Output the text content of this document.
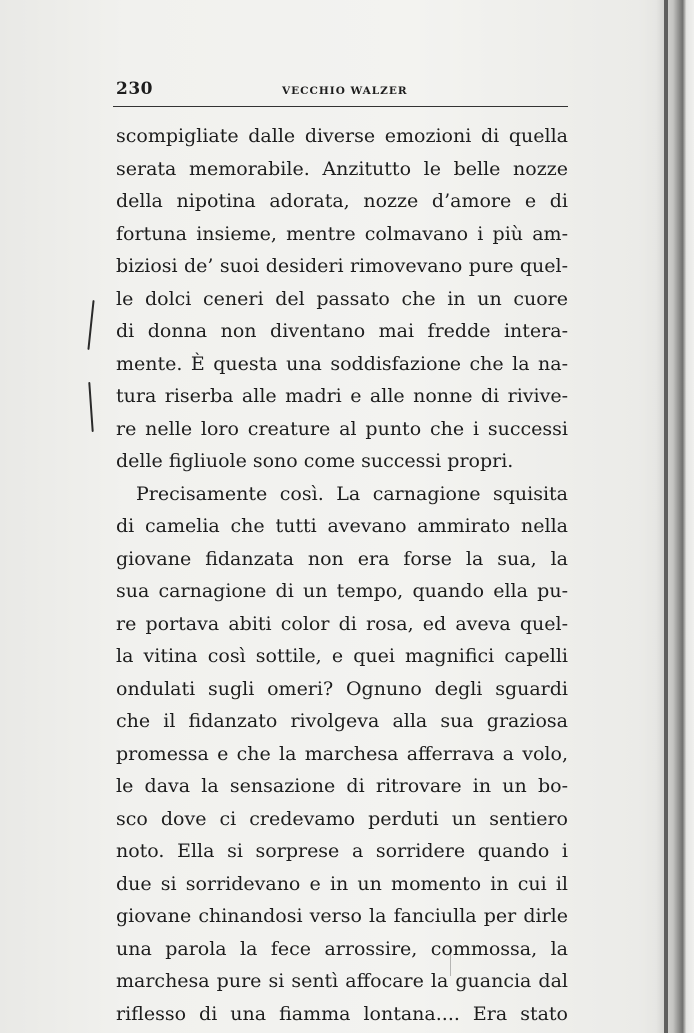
230	VECCHIO WALZER
scompigliate dalle diverse emozioni di quella
serata memorabile. Anzitutto le belle nozze
della nipotina adorata, nozze d’amore e di
fortuna insieme, mentre colmavano i più am-
biziosi de’ suoi desideri rimovevano pure quel-
le dolci ceneri del passato che in un cuore
di donna non diventano mai fredde intera-
mente. È questa una soddisfazione che la na-
tura riserba alle madri e alle nonne di rivive-
re nelle loro creature al punto che i successi
delle figliuole sono come successi propri.
Precisamente così. La carnagione squisita
di camelia che tutti avevano ammirato nella
giovane fidanzata non era forse la sua, la
sua carnagione di un tempo, quando ella pu-
re portava abiti color di rosa, ed aveva quel-
la vitina così sottile, e quei magnifici capelli
ondulati sugli omeri? Ognuno degli sguardi
che il fidanzato rivolgeva alla sua graziosa
promessa e che la marchesa afferrava a volo,
le dava la sensazione di ritrovare in un bo-
sco dove ci credevamo perduti un sentiero
noto. Ella si sorprese a sorridere quando i
due si sorridevano e in un momento in cui il
giovane chinandosi verso la fanciulla per dirle
una parola la fece arrossire, commossa, la
marchesa pure si sentì affocare la guancia dal
riflesso di una fiamma lontana.... Era stato
